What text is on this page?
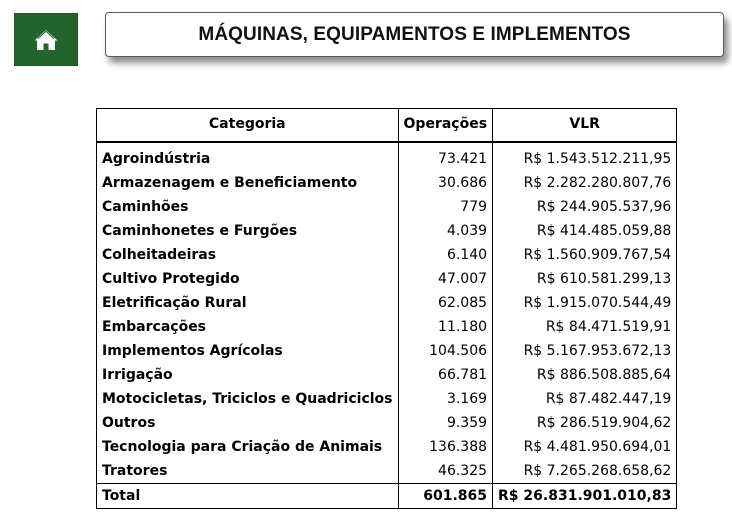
MÁQUINAS, EQUIPAMENTOS E IMPLEMENTOS
Categoria	Operações	VLR

Agroindústria	73.421	R$ 1.543.512.211,95
Armazenagem e Beneficiamento	30.686	R$ 2.282.280.807,76
Caminhões	779	R$ 244.905.537,96
Caminhonetes e Furgões	4.039	R$ 414.485.059,88
Colheitadeiras	6.140	R$ 1.560.909.767,54
Cultivo Protegido	47.007	R$ 610.581.299,13
Eletrificação Rural	62.085	R$ 1.915.070.544,49
Embarcações	11.180	R$ 84.471.519,91
Implementos Agrícolas	104.506	R$ 5.167.953.672,13
Irrigação	66.781	R$ 886.508.885,64
Motocicletas, Triciclos e Quadriciclos	3.169	R$ 87.482.447,19
Outros	9.359	R$ 286.519.904,62
Tecnologia para Criação de Animais	136.388	R$ 4.481.950.694,01
Tratores	46.325	R$ 7.265.268.658,62
Total	601.865	R$ 26.831.901.010,83
